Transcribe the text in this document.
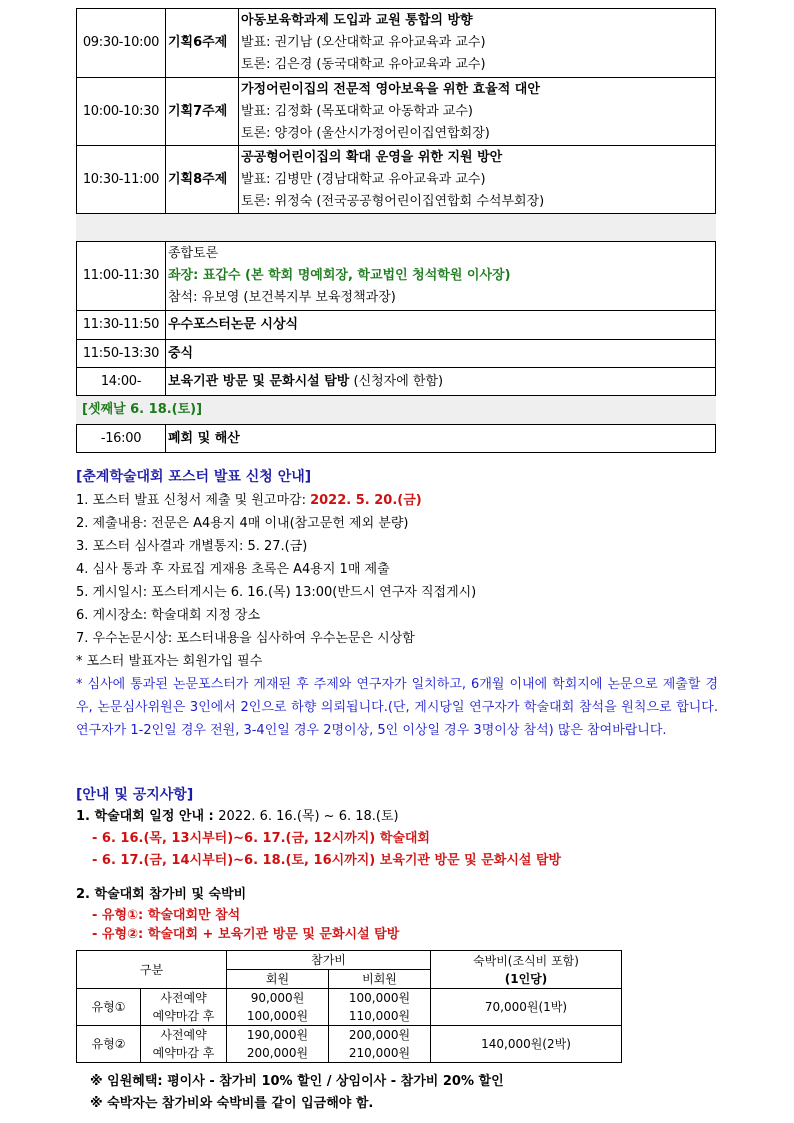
09:30-10:00	기획6주제	아동보육학과제 도입과 교원 통합의 방향
발표: 권기남 (오산대학교 유아교육과 교수)
토론: 김은경 (동국대학교 유아교육과 교수)

10:00-10:30	기획7주제	가정어린이집의 전문적 영아보육을 위한 효율적 대안
발표: 김정화 (목포대학교 아동학과 교수)
토론: 양경아 (울산시가정어린이집연합회장)

10:30-11:00	기획8주제	공공형어린이집의 확대 운영을 위한 지원 방안
발표: 김병만 (경남대학교 유아교육과 교수)
토론: 위정숙 (전국공공형어린이집연합회 수석부회장)
11:00-11:30	종합토론
좌장: 표갑수 (본 학회 명예회장, 학교법인 청석학원 이사장)
참석: 유보영 (보건복지부 보육정책과장)

11:30-11:50	우수포스터논문 시상식
11:50-13:30	중식
14:00-	보육기관 방문 및 문화시설 탐방 (신청자에 한함)
[셋째날 6. 18.(토)]
-16:00	폐회 및 해산
[춘계학술대회 포스터 발표 신청 안내]
1. 포스터 발표 신청서 제출 및 원고마감: 2022. 5. 20.(금)
2. 제출내용: 전문은 A4용지 4매 이내(참고문헌 제외 분량)
3. 포스터 심사결과 개별통지: 5. 27.(금)
4. 심사 통과 후 자료집 게재용 초록은 A4용지 1매 제출
5. 게시일시: 포스터게시는 6. 16.(목) 13:00(반드시 연구자 직접게시)
6. 게시장소: 학술대회 지정 장소
7. 우수논문시상: 포스터내용을 심사하여 우수논문은 시상함
* 포스터 발표자는 회원가입 필수
* 심사에 통과된 논문포스터가 게재된 후 주제와 연구자가 일치하고, 6개월 이내에 학회지에 논문으로 제출할 경우, 논문심사위원은 3인에서 2인으로 하향 의뢰됩니다.(단, 게시당일 연구자가 학술대회 참석을 원칙으로 합니다. 연구자가 1-2인일 경우 전원, 3-4인일 경우 2명이상, 5인 이상일 경우 3명이상 참석) 많은 참여바랍니다.
[안내 및 공지사항]
1. 학술대회 일정 안내 : 2022. 6. 16.(목) ~ 6. 18.(토)
- 6. 16.(목, 13시부터)~6. 17.(금, 12시까지) 학술대회
- 6. 17.(금, 14시부터)~6. 18.(토, 16시까지) 보육기관 방문 및 문화시설 탐방
2. 학술대회 참가비 및 숙박비
- 유형①: 학술대회만 참석
- 유형②: 학술대회 + 보육기관 방문 및 문화시설 탐방
구분		참가비		숙박비(조식비 포함)
(1인당)

		회원	비회원	
유형①	사전예약	90,000원	100,000원	70,000원(1박)
	예약마감 후	100,000원	110,000원	
유형②	사전예약	190,000원	200,000원	140,000원(2박)
	예약마감 후	200,000원	210,000원	
※ 임원혜택: 평이사 - 참가비 10% 할인 / 상임이사 - 참가비 20% 할인
※ 숙박자는 참가비와 숙박비를 같이 입금해야 함.
